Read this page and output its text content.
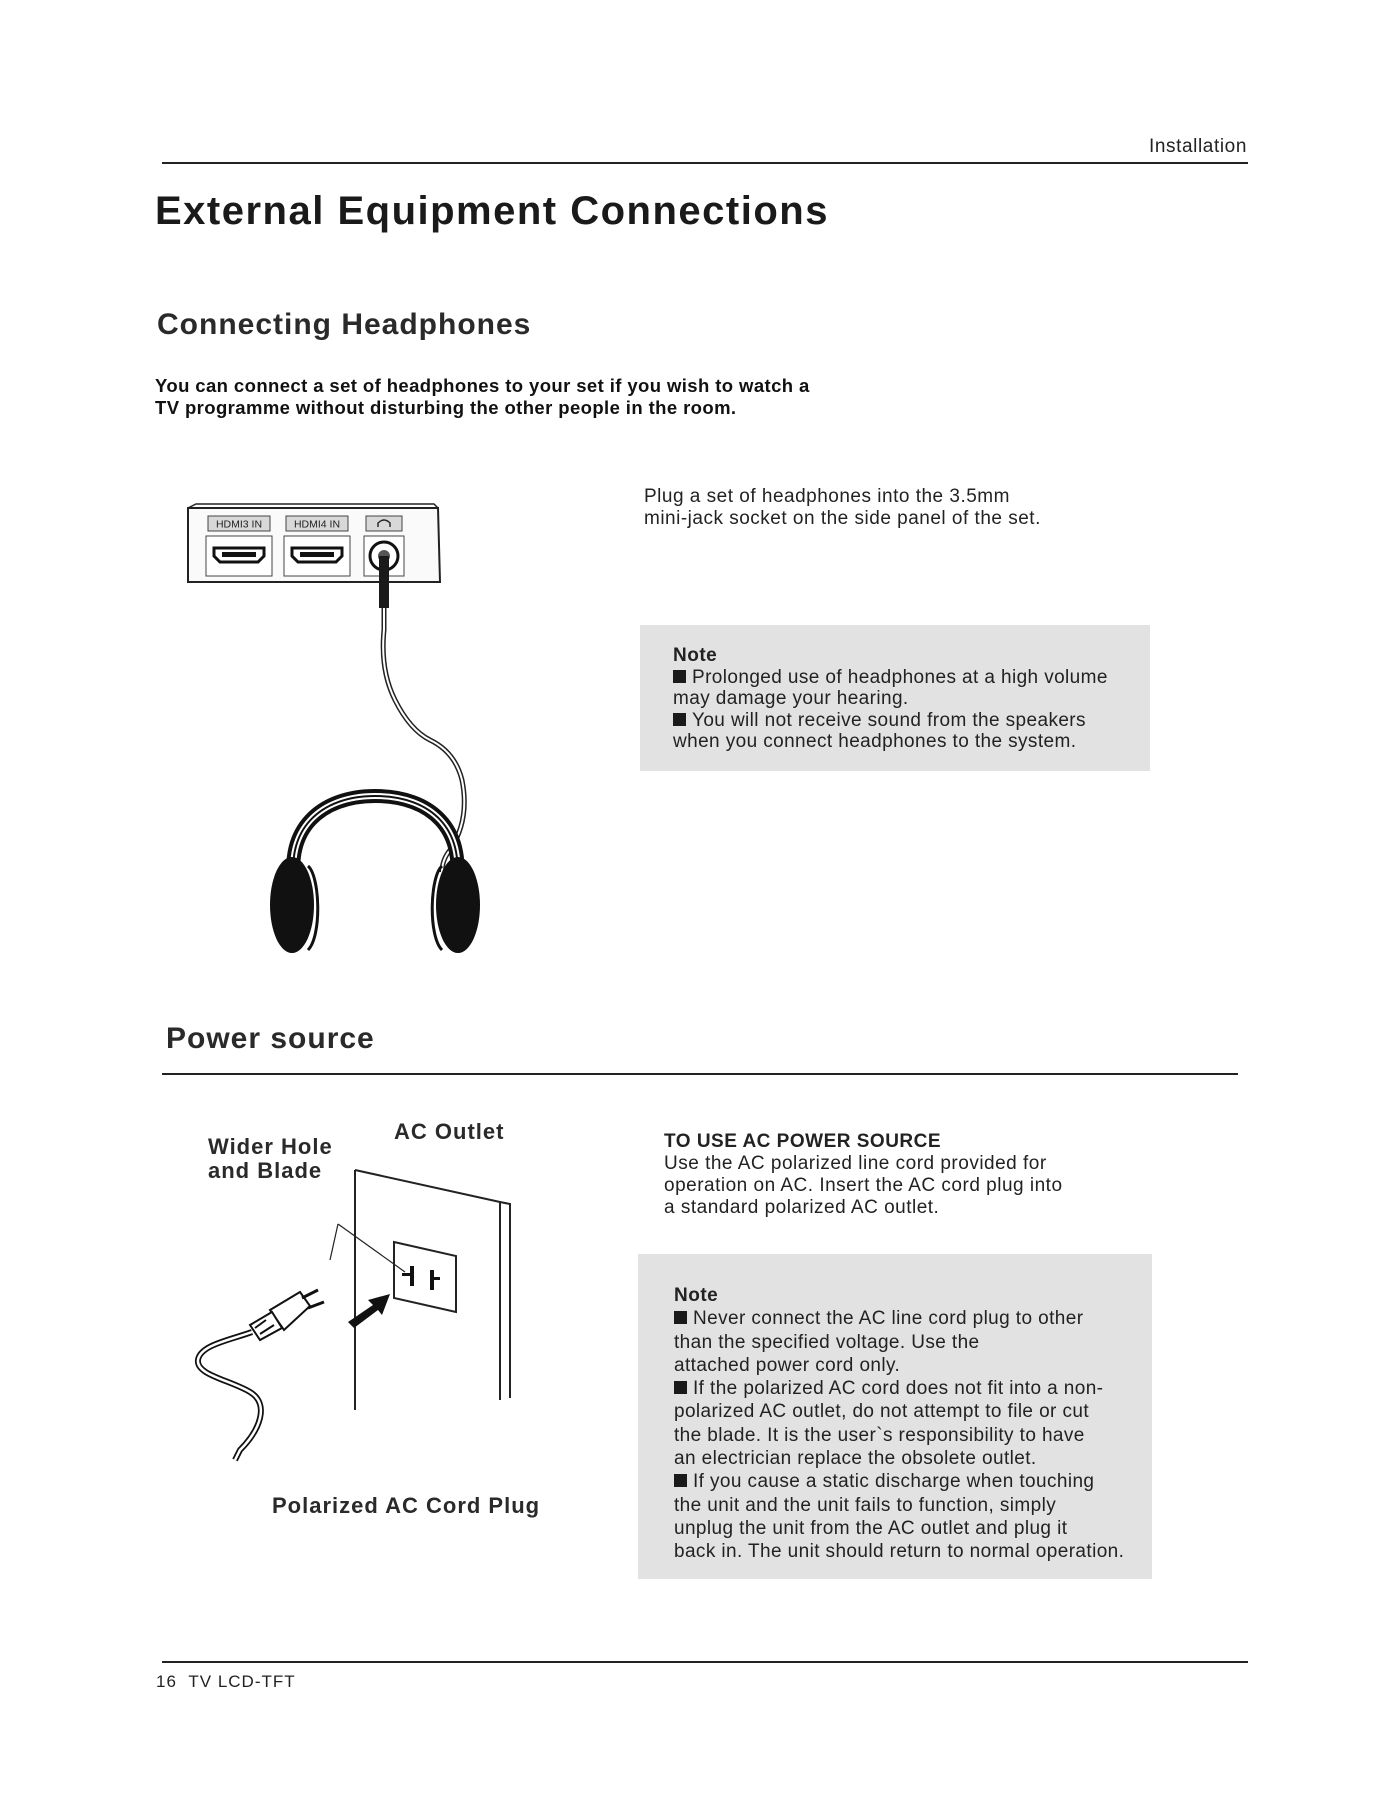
Installation
External Equipment Connections
Connecting Headphones
You can connect a set of headphones to your set if you wish to watch a
TV programme without disturbing the other people in the room.
HDMI3 IN	HDMI4 IN
Plug a set of headphones into the 3.5mm
mini-jack socket on the side panel of the set.
Note
Prolonged use of headphones at a high volume
may damage your hearing.
You will not receive sound from the speakers
when you connect headphones to the system.
Power source
Wider Hole
and Blade
AC Outlet
Polarized AC Cord Plug
TO USE AC POWER SOURCE
Use the AC polarized line cord provided for
operation on AC. Insert the AC cord plug into
a standard polarized AC outlet.
Note
Never connect the AC line cord plug to other
than the specified voltage. Use the
attached power cord only.
If the polarized AC cord does not fit into a non-
polarized AC outlet, do not attempt to file or cut
the blade. It is the user`s responsibility to have
an electrician replace the obsolete outlet.
If you cause a static discharge when touching
the unit and the unit fails to function, simply
unplug the unit from the AC outlet and plug it
back in. The unit should return to normal operation.
16 TV LCD-TFT
